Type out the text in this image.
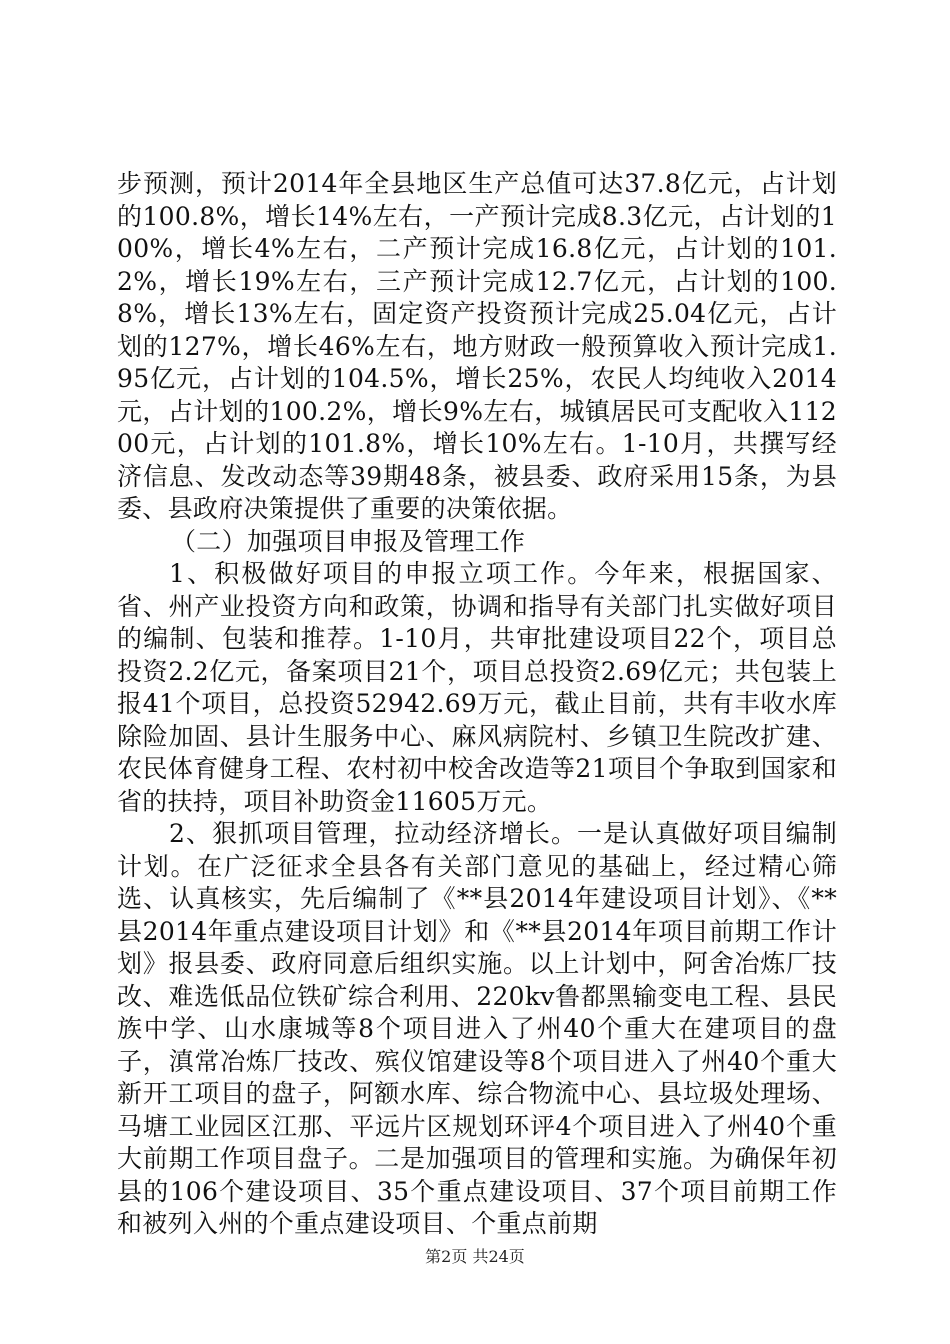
步预测，预计2014年全县地区生产总值可达37.8亿元，占计划的100.8%，增长14%左右，一产预计完成8.3亿元，占计划的100%，增长4%左右，二产预计完成16.8亿元，占计划的101.2%，增长19%左右，三产预计完成12.7亿元，占计划的100.8%，增长13%左右，固定资产投资预计完成25.04亿元，占计划的127%，增长46%左右，地方财政一般预算收入预计完成1.95亿元，占计划的104.5%，增长25%，农民人均纯收入2014元，占计划的100.2%，增长9%左右，城镇居民可支配收入11200元，占计划的101.8%，增长10%左右。1-10月，共撰写经济信息、发改动态等39期48条，被县委、政府采用15条，为县委、县政府决策提供了重要的决策依据。

（二）加强项目申报及管理工作

1、积极做好项目的申报立项工作。今年来，根据国家、省、州产业投资方向和政策，协调和指导有关部门扎实做好项目的编制、包装和推荐。1-10月，共审批建设项目22个，项目总投资2.2亿元，备案项目21个，项目总投资2.69亿元；共包装上报41个项目，总投资52942.69万元，截止目前，共有丰收水库除险加固、县计生服务中心、麻风病院村、乡镇卫生院改扩建、农民体育健身工程、农村初中校舍改造等21项目个争取到国家和省的扶持，项目补助资金11605万元。

2、狠抓项目管理，拉动经济增长。一是认真做好项目编制计划。在广泛征求全县各有关部门意见的基础上，经过精心筛选、认真核实，先后编制了《**县2014年建设项目计划》、《**县2014年重点建设项目计划》和《**县2014年项目前期工作计划》报县委、政府同意后组织实施。以上计划中，阿舍冶炼厂技改、难选低品位铁矿综合利用、220kv鲁都黑输变电工程、县民族中学、山水康城等8个项目进入了州40个重大在建项目的盘子，滇常冶炼厂技改、殡仪馆建设等8个项目进入了州40个重大新开工项目的盘子，阿额水库、综合物流中心、县垃圾处理场、马塘工业园区江那、平远片区规划环评4个项目进入了州40个重大前期工作项目盘子。二是加强项目的管理和实施。为确保年初县的106个建设项目、35个重点建设项目、37个项目前期工作和被列入州的个重点建设项目、个重点前期

第2页 共24页
